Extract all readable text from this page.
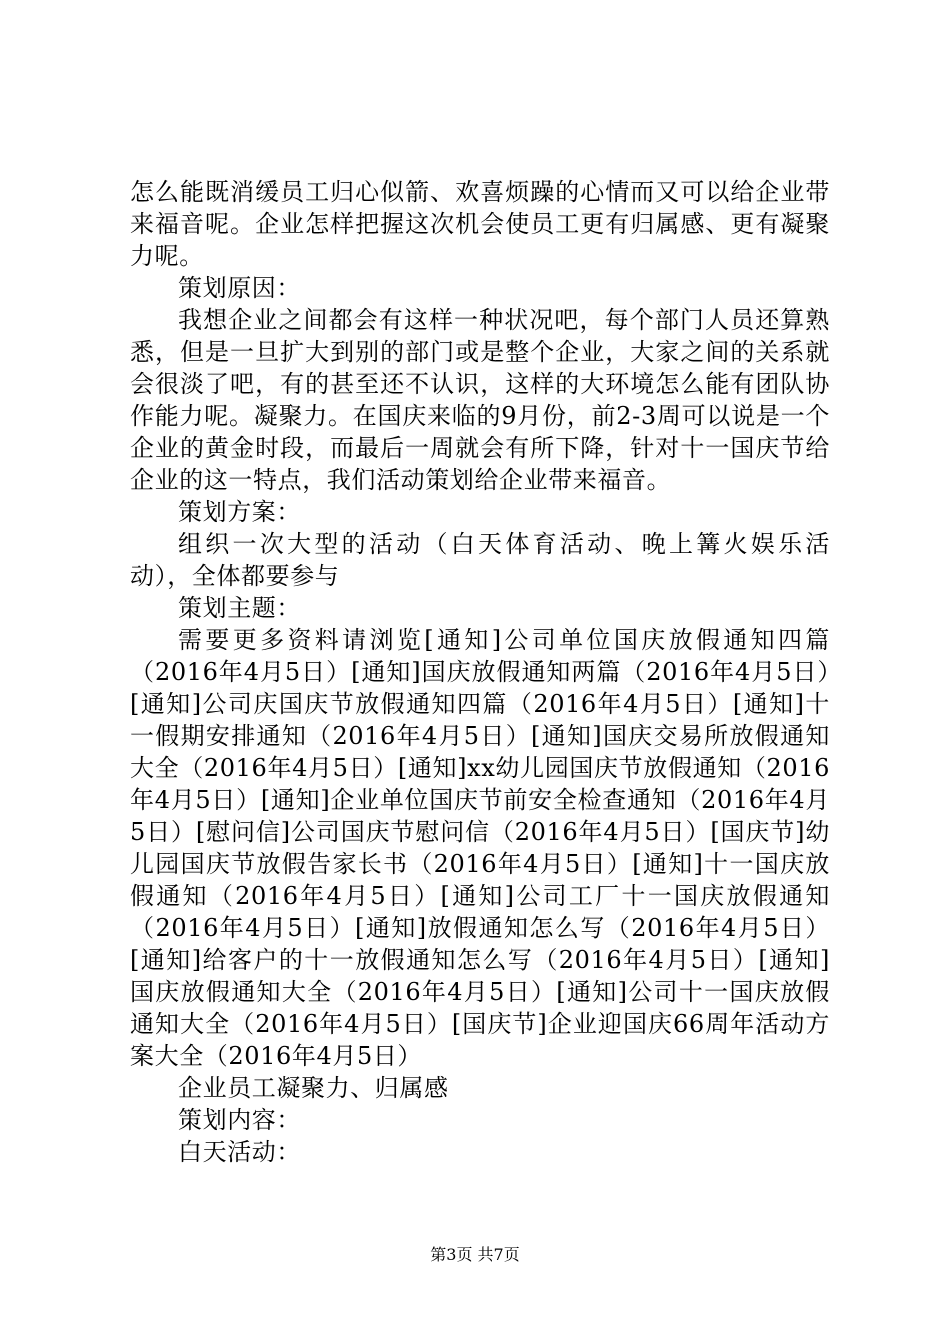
怎么能既消缓员工归心似箭、欢喜烦躁的心情而又可以给企业带来福音呢。企业怎样把握这次机会使员工更有归属感、更有凝聚力呢。

策划原因：

我想企业之间都会有这样一种状况吧，每个部门人员还算熟悉，但是一旦扩大到别的部门或是整个企业，大家之间的关系就会很淡了吧，有的甚至还不认识，这样的大环境怎么能有团队协作能力呢。凝聚力。在国庆来临的9月份，前2-3周可以说是一个企业的黄金时段，而最后一周就会有所下降，针对十一国庆节给企业的这一特点，我们活动策划给企业带来福音。

策划方案：

组织一次大型的活动（白天体育活动、晚上篝火娱乐活动），全体都要参与

策划主题：

需要更多资料请浏览[通知]公司单位国庆放假通知四篇（2016年4月5日）[通知]国庆放假通知两篇（2016年4月5日）[通知]公司庆国庆节放假通知四篇（2016年4月5日）[通知]十一假期安排通知（2016年4月5日）[通知]国庆交易所放假通知大全（2016年4月5日）[通知]xx幼儿园国庆节放假通知（2016年4月5日）[通知]企业单位国庆节前安全检查通知（2016年4月5日）[慰问信]公司国庆节慰问信（2016年4月5日）[国庆节]幼儿园国庆节放假告家长书（2016年4月5日）[通知]十一国庆放假通知（2016年4月5日）[通知]公司工厂十一国庆放假通知（2016年4月5日）[通知]放假通知怎么写（2016年4月5日）[通知]给客户的十一放假通知怎么写（2016年4月5日）[通知]国庆放假通知大全（2016年4月5日）[通知]公司十一国庆放假通知大全（2016年4月5日）[国庆节]企业迎国庆66周年活动方案大全（2016年4月5日）

企业员工凝聚力、归属感

策划内容：

白天活动：

第3页 共7页
